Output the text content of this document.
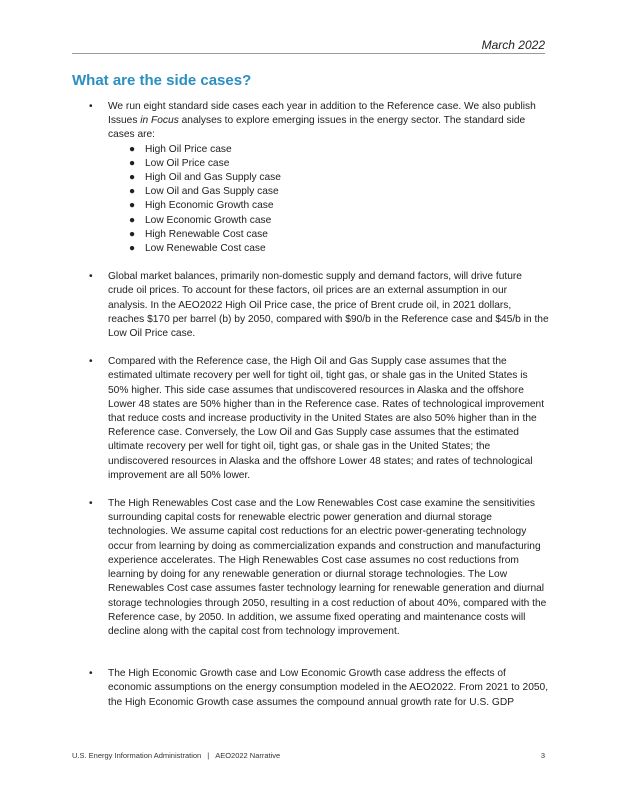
March 2022
What are the side cases?
• We run eight standard side cases each year in addition to the Reference case. We also publish Issues in Focus analyses to explore emerging issues in the energy sector. The standard side cases are:
● High Oil Price case
● Low Oil Price case
● High Oil and Gas Supply case
● Low Oil and Gas Supply case
● High Economic Growth case
● Low Economic Growth case
● High Renewable Cost case
● Low Renewable Cost case
• Global market balances, primarily non-domestic supply and demand factors, will drive future crude oil prices. To account for these factors, oil prices are an external assumption in our analysis. In the AEO2022 High Oil Price case, the price of Brent crude oil, in 2021 dollars, reaches $170 per barrel (b) by 2050, compared with $90/b in the Reference case and $45/b in the Low Oil Price case.
• Compared with the Reference case, the High Oil and Gas Supply case assumes that the estimated ultimate recovery per well for tight oil, tight gas, or shale gas in the United States is 50% higher. This side case assumes that undiscovered resources in Alaska and the offshore Lower 48 states are 50% higher than in the Reference case. Rates of technological improvement that reduce costs and increase productivity in the United States are also 50% higher than in the Reference case. Conversely, the Low Oil and Gas Supply case assumes that the estimated ultimate recovery per well for tight oil, tight gas, or shale gas in the United States; the undiscovered resources in Alaska and the offshore Lower 48 states; and rates of technological improvement are all 50% lower.
• The High Renewables Cost case and the Low Renewables Cost case examine the sensitivities surrounding capital costs for renewable electric power generation and diurnal storage technologies. We assume capital cost reductions for an electric power-generating technology occur from learning by doing as commercialization expands and construction and manufacturing experience accelerates. The High Renewables Cost case assumes no cost reductions from learning by doing for any renewable generation or diurnal storage technologies. The Low Renewables Cost case assumes faster technology learning for renewable generation and diurnal storage technologies through 2050, resulting in a cost reduction of about 40%, compared with the Reference case, by 2050. In addition, we assume fixed operating and maintenance costs will decline along with the capital cost from technology improvement.
• The High Economic Growth case and Low Economic Growth case address the effects of economic assumptions on the energy consumption modeled in the AEO2022. From 2021 to 2050, the High Economic Growth case assumes the compound annual growth rate for U.S. GDP
U.S. Energy Information Administration | AEO2022 Narrative	3
